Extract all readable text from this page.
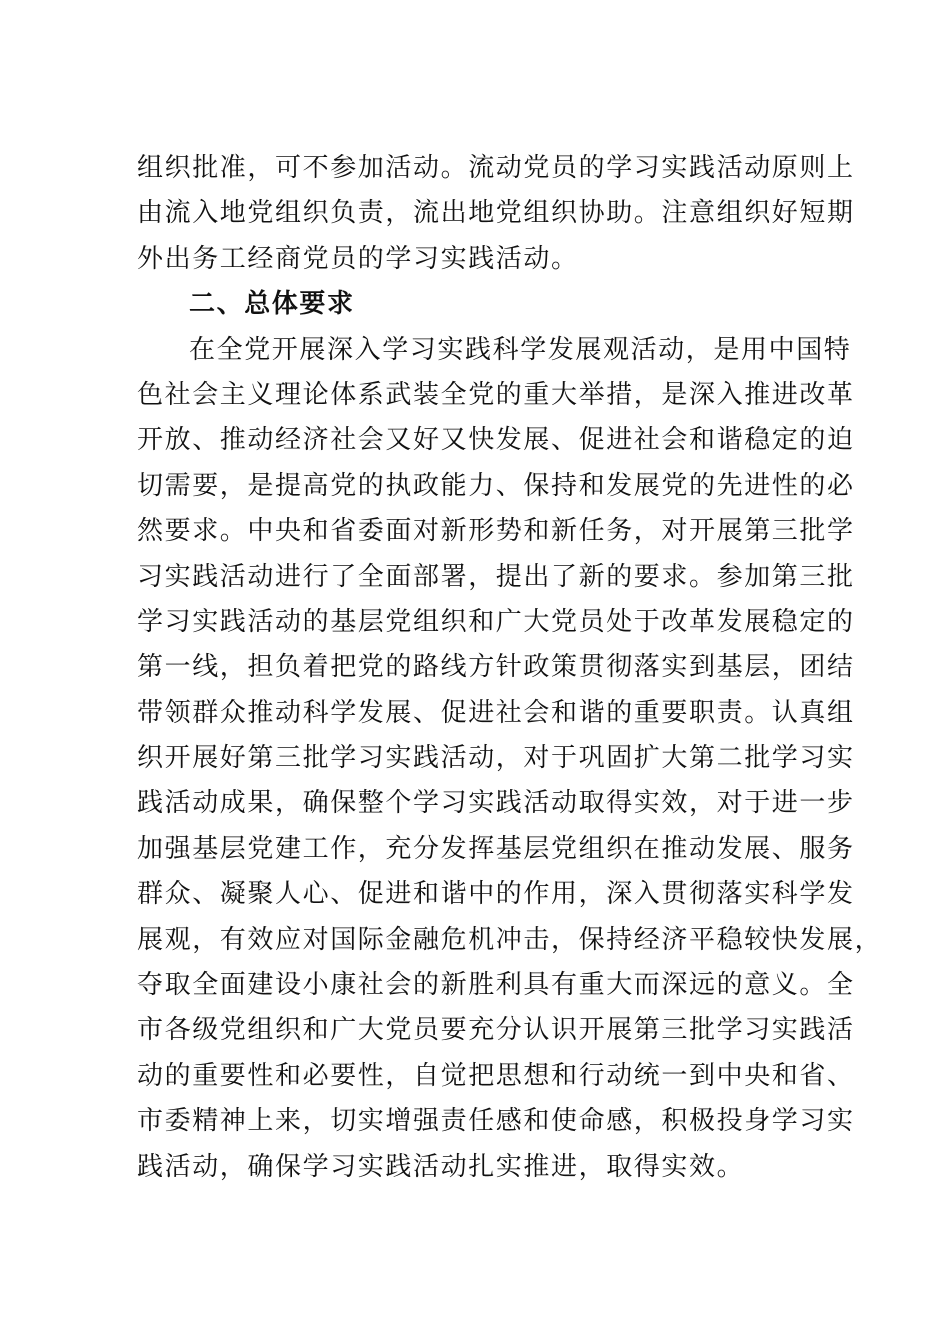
组织批准，可不参加活动。流动党员的学习实践活动原则上
由流入地党组织负责，流出地党组织协助。注意组织好短期
外出务工经商党员的学习实践活动。
二、总体要求
在全党开展深入学习实践科学发展观活动，是用中国特
色社会主义理论体系武装全党的重大举措，是深入推进改革
开放、推动经济社会又好又快发展、促进社会和谐稳定的迫
切需要，是提高党的执政能力、保持和发展党的先进性的必
然要求。中央和省委面对新形势和新任务，对开展第三批学
习实践活动进行了全面部署，提出了新的要求。参加第三批
学习实践活动的基层党组织和广大党员处于改革发展稳定的
第一线，担负着把党的路线方针政策贯彻落实到基层，团结
带领群众推动科学发展、促进社会和谐的重要职责。认真组
织开展好第三批学习实践活动，对于巩固扩大第二批学习实
践活动成果，确保整个学习实践活动取得实效，对于进一步
加强基层党建工作，充分发挥基层党组织在推动发展、服务
群众、凝聚人心、促进和谐中的作用，深入贯彻落实科学发
展观，有效应对国际金融危机冲击，保持经济平稳较快发展，
夺取全面建设小康社会的新胜利具有重大而深远的意义。全
市各级党组织和广大党员要充分认识开展第三批学习实践活
动的重要性和必要性，自觉把思想和行动统一到中央和省、
市委精神上来，切实增强责任感和使命感，积极投身学习实
践活动，确保学习实践活动扎实推进，取得实效。
